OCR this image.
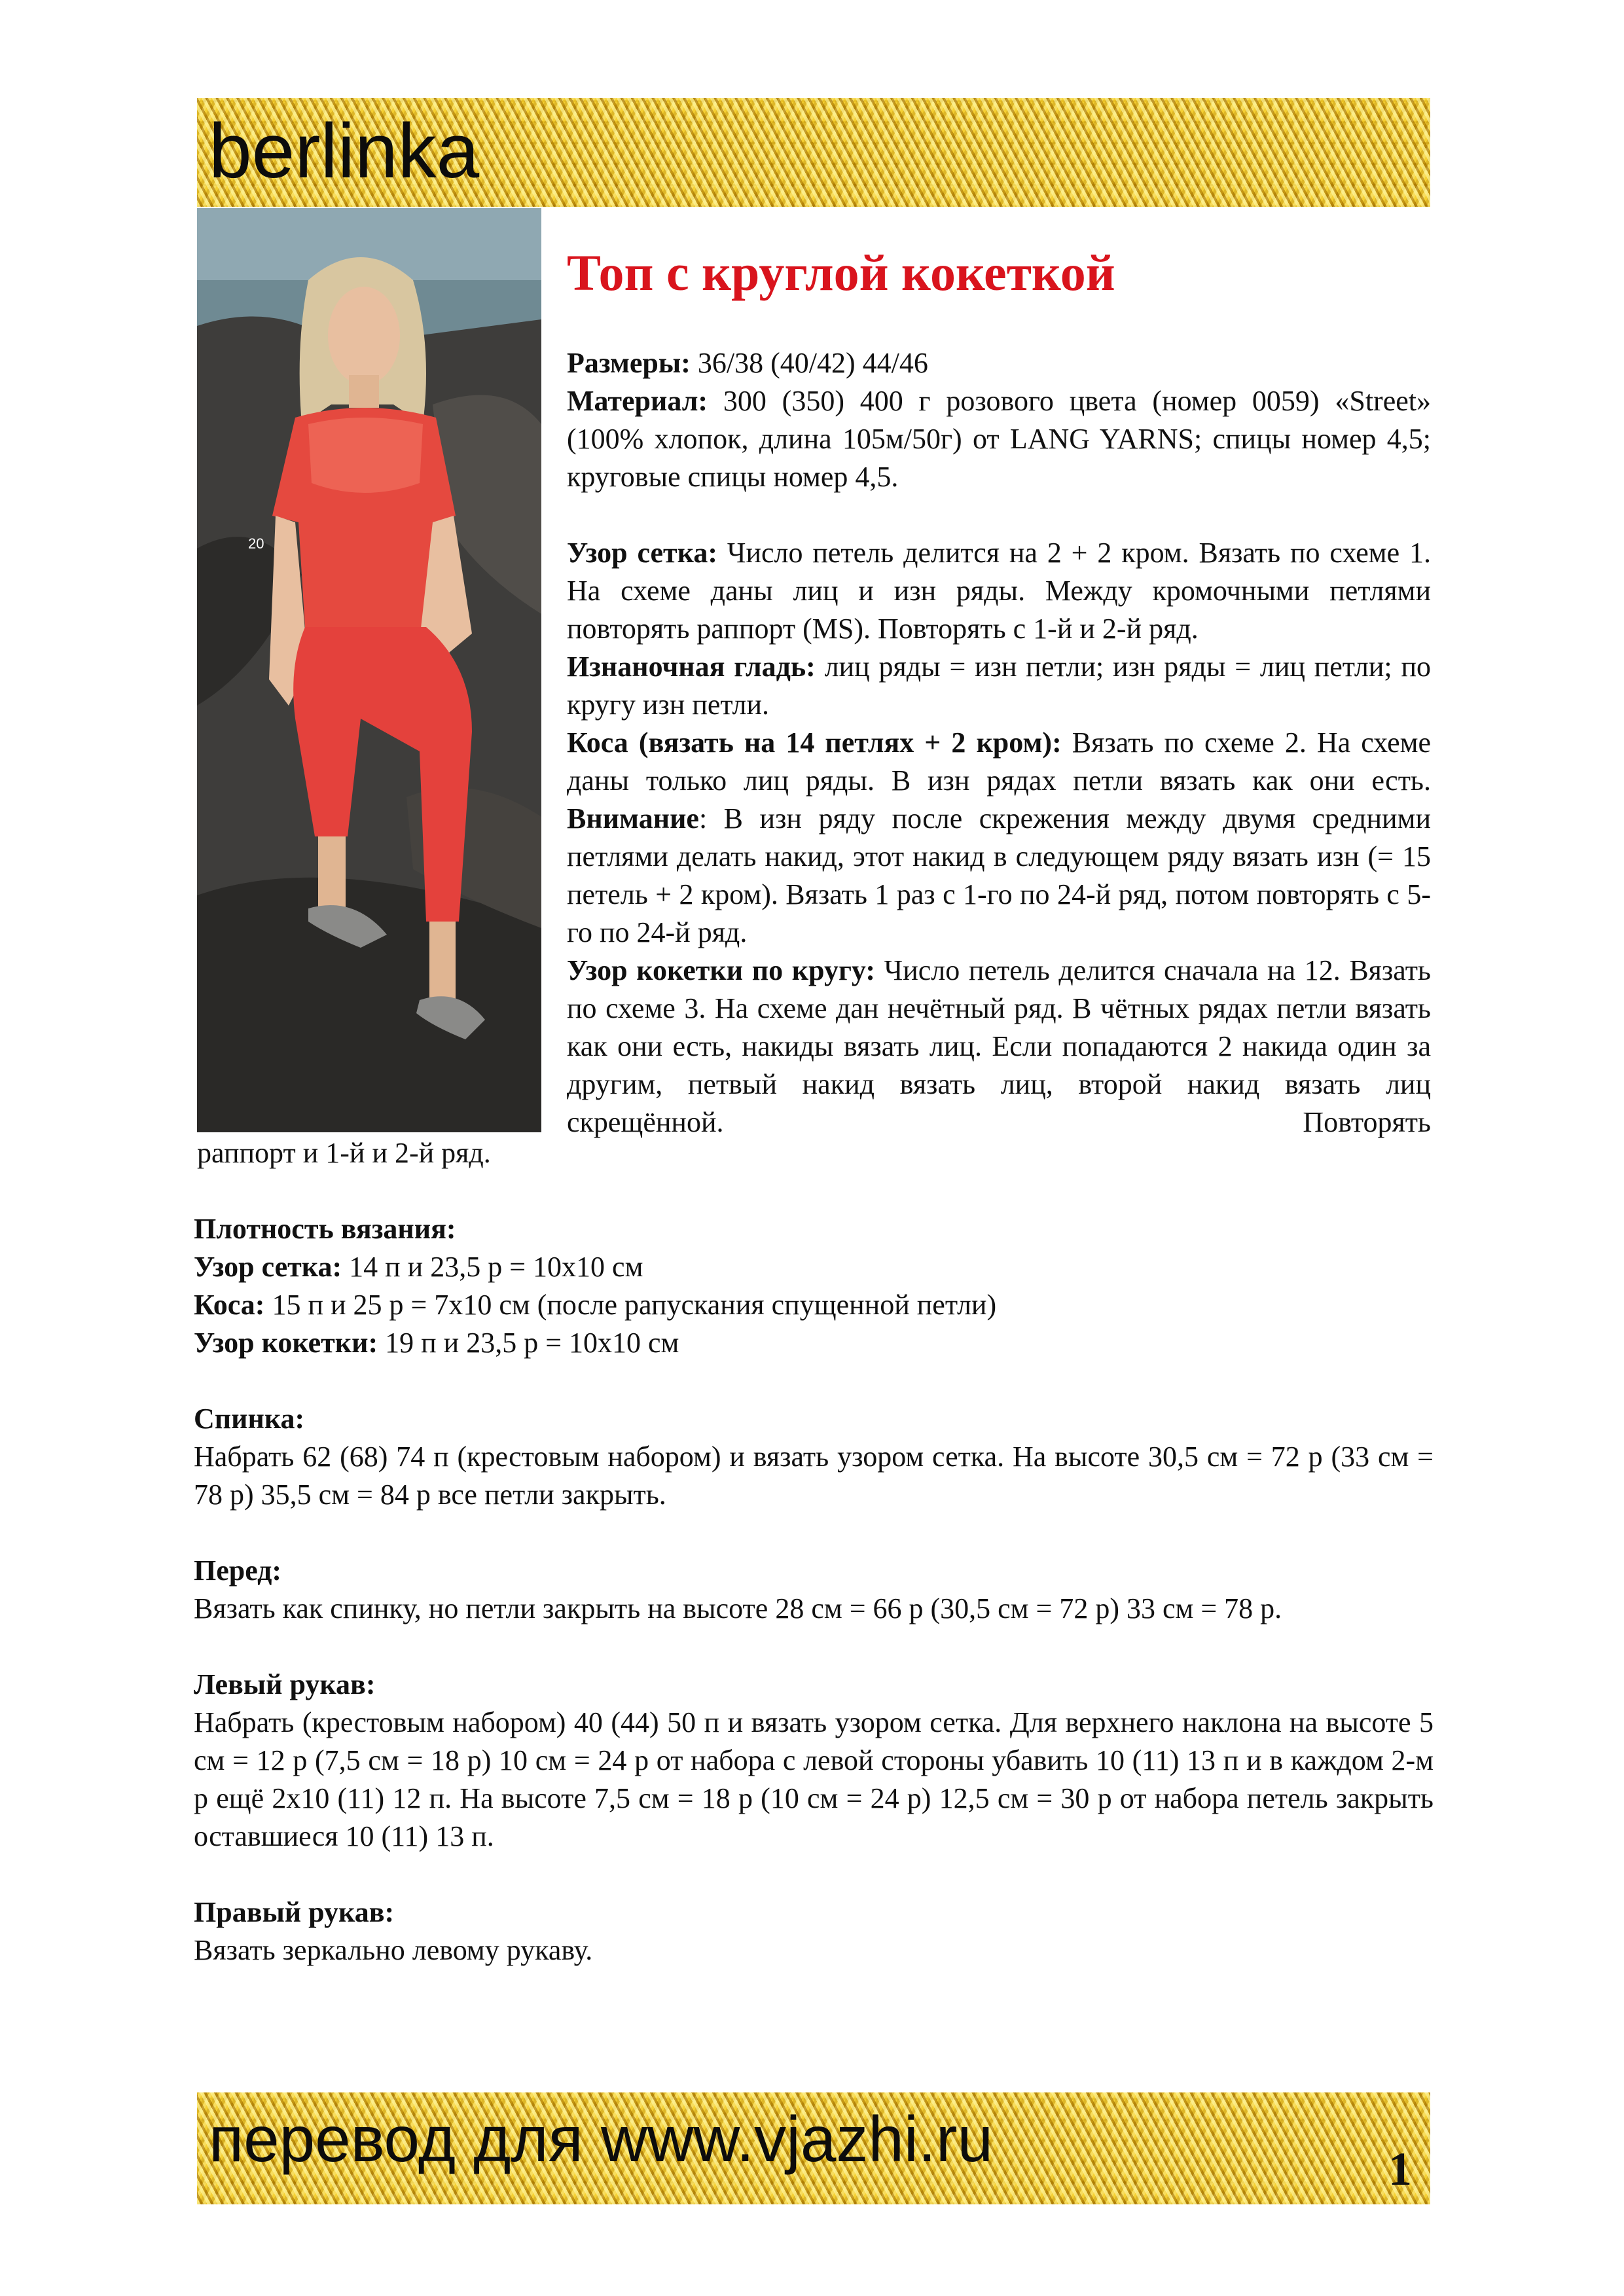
berlinka
20
Топ с круглой кокеткой

Размеры: 36/38 (40/42) 44/46

Материал: 300 (350) 400 г розового цвета (номер 0059) «Street» (100% хлопок, длина 105м/50г) от LANG YARNS; спицы номер 4,5; круговые спицы номер 4,5.

Узор сетка: Число петель делится на 2 + 2 кром. Вязать по схеме 1. На схеме даны лиц и изн ряды. Между кромочными петлями повторять раппорт (MS). Повторять с 1-й и 2-й ряд.

Изнаночная гладь: лиц ряды = изн петли; изн ряды = лиц петли; по кругу изн петли.

Коса (вязать на 14 петлях + 2 кром): Вязать по схеме 2. На схеме даны только лиц ряды. В изн рядах петли вязать как они есть. Внимание: В изн ряду после скрежения между двумя средними петлями делать накид, этот накид в следующем ряду вязать изн (= 15 петель + 2 кром). Вязать 1 раз с 1-го по 24-й ряд, потом повторять с 5-го по 24-й ряд.

Узор кокетки по кругу: Число петель делится сначала на 12. Вязать по схеме 3. На схеме дан нечётный ряд. В чётных рядах петли вязать как они есть, накиды вязать лиц. Если попадаются 2 накида один за другим, петвый накид вязать лиц, второй накид вязать лиц скрещённой. Повторять

раппорт и 1-й и 2-й ряд.

Плотность вязания:

Узор сетка: 14 п и 23,5 р = 10х10 см

Коса: 15 п и 25 р = 7х10 см (после рапускания спущенной петли)

Узор кокетки: 19 п и 23,5 р = 10х10 см

Спинка:

Набрать 62 (68) 74 п (крестовым набором) и вязать узором сетка. На высоте 30,5 см = 72 р (33 см = 78 р) 35,5 см = 84 р все петли закрыть.

Перед:

Вязать как спинку, но петли закрыть на высоте 28 см = 66 р (30,5 см = 72 р) 33 см = 78 р.

Левый рукав:

Набрать (крестовым набором) 40 (44) 50 п и вязать узором сетка. Для верхнего наклона на высоте 5 см = 12 р (7,5 см = 18 р) 10 см = 24 р от набора с левой стороны убавить 10 (11) 13 п и в каждом 2-м р ещё 2х10 (11) 12 п. На высоте 7,5 см = 18 р (10 см = 24 р) 12,5 см = 30 р от набора петель закрыть оставшиеся 10 (11) 13 п.

Правый рукав:

Вязать зеркально левому рукаву.

перевод для www.vjazhi.ru	1
